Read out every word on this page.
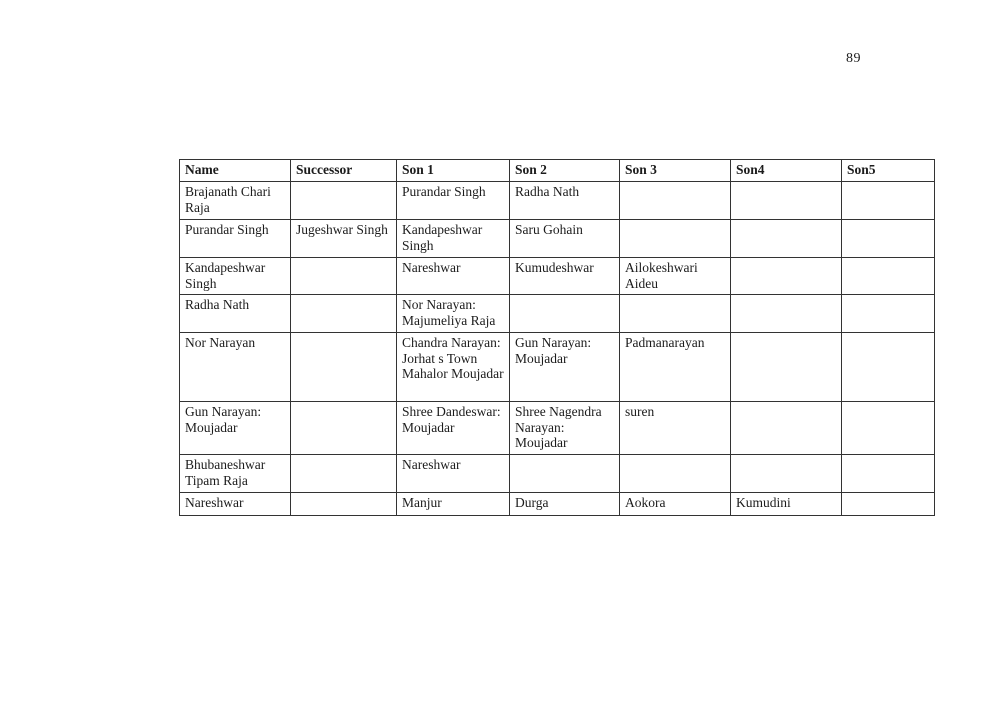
89
Name	Successor	Son 1	Son 2	Son 3	Son4	Son5
Brajanath Chari Raja		Purandar Singh	Radha Nath			
Purandar Singh	Jugeshwar Singh	Kandapeshwar Singh	Saru Gohain			
Kandapeshwar Singh		Nareshwar	Kumudeshwar	Ailokeshwari Aideu		
Radha Nath		Nor Narayan: Majumeliya Raja				
Nor Narayan		Chandra Narayan: Jorhat s Town Mahalor Moujadar	Gun Narayan: Moujadar	Padmanarayan		
Gun Narayan: Moujadar		Shree Dandeswar: Moujadar	Shree Nagendra Narayan: Moujadar	suren		
Bhubaneshwar Tipam Raja		Nareshwar				
Nareshwar		Manjur	Durga	Aokora	Kumudini	
